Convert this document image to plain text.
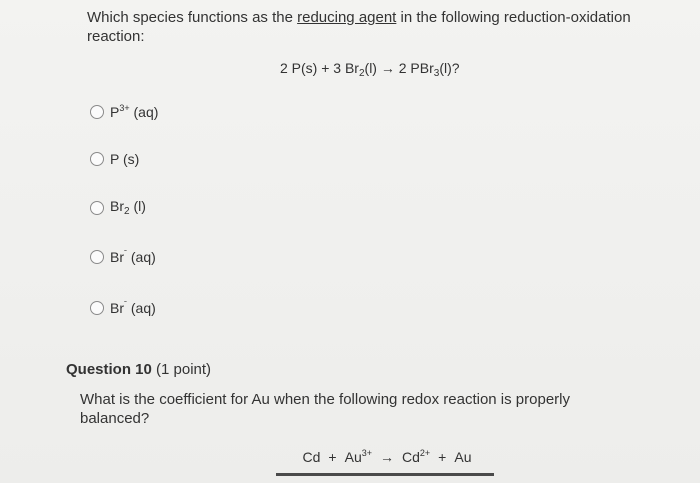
Which species functions as the reducing agent in the following reduction-oxidation reaction:
2 P(s) + 3 $Br_2(l) \to 2$ PBr$_3$(l)?
$P^{3+}$ (aq)
P (s)
$Br_2$ (l)
$Br^ˉ$ (aq)
$Br^ˉ$ (aq)
Question 10 (1 point)
What is the coefficient for Au when the following redox reaction is properly balanced?
$Cd + Au^{3+} \to Cd^{2+} + Au$
